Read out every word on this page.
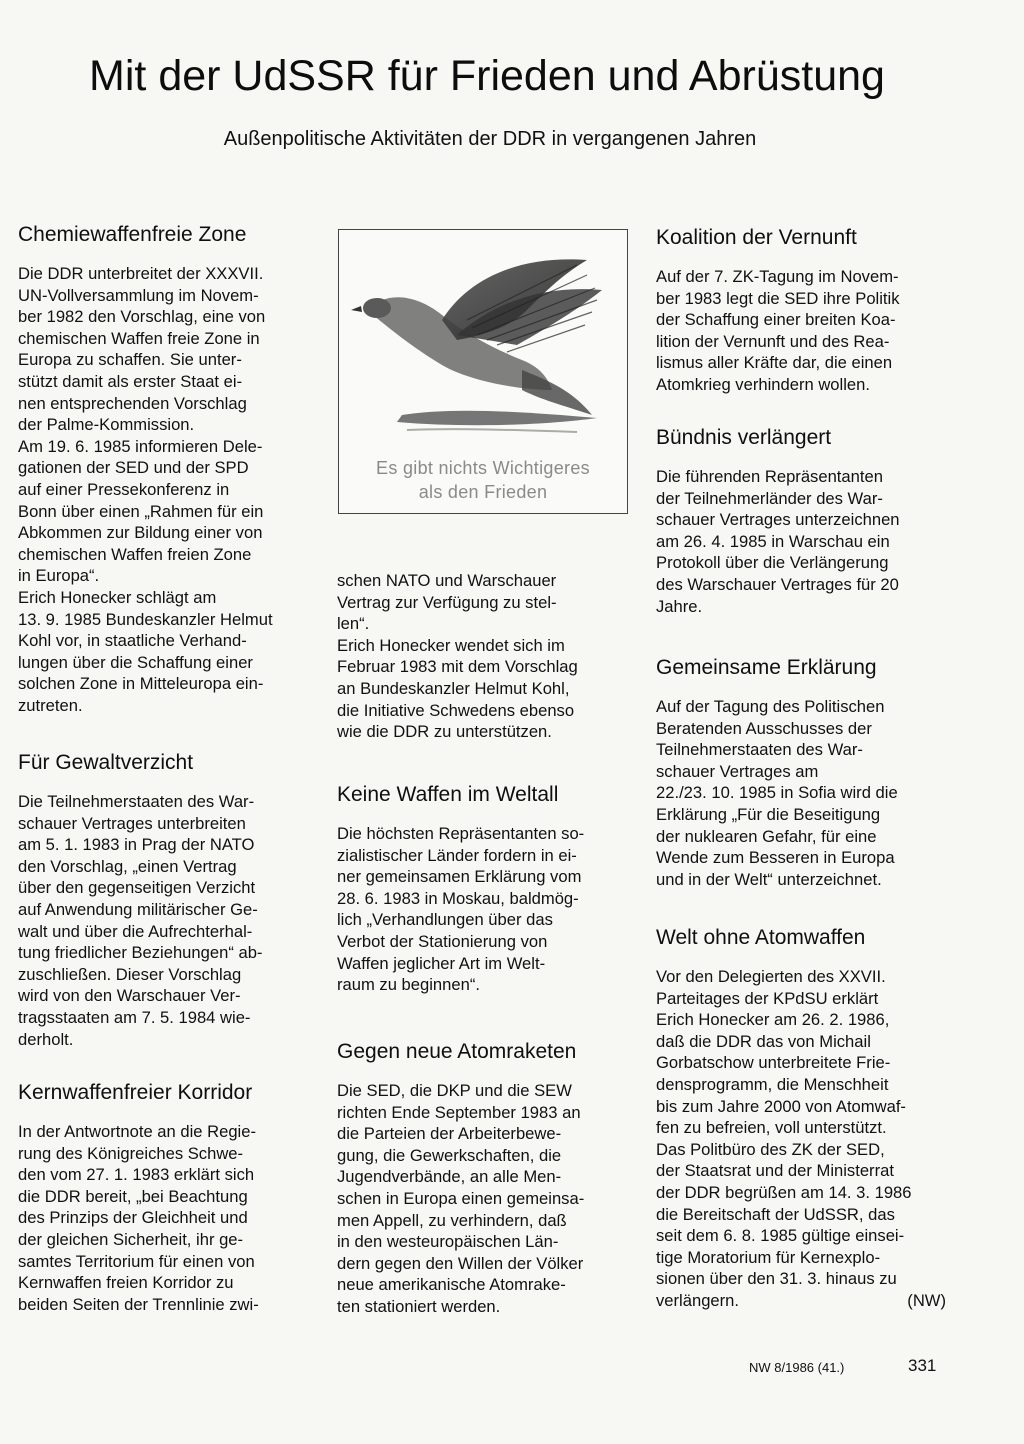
Mit der UdSSR für Frieden und Abrüstung
Außenpolitische Aktivitäten der DDR in vergangenen Jahren
Chemiewaffenfreie Zone
Die DDR unterbreitet der XXXVII.
UN-Vollversammlung im Novem-
ber 1982 den Vorschlag, eine von
chemischen Waffen freie Zone in
Europa zu schaffen. Sie unter-
stützt damit als erster Staat ei-
nen entsprechenden Vorschlag
der Palme-Kommission.
Am 19. 6. 1985 informieren Dele-
gationen der SED und der SPD
auf einer Pressekonferenz in
Bonn über einen „Rahmen für ein
Abkommen zur Bildung einer von
chemischen Waffen freien Zone
in Europa“.
Erich Honecker schlägt am
13. 9. 1985 Bundeskanzler Helmut
Kohl vor, in staatliche Verhand-
lungen über die Schaffung einer
solchen Zone in Mitteleuropa ein-
zutreten.
Für Gewaltverzicht
Die Teilnehmerstaaten des War-
schauer Vertrages unterbreiten
am 5. 1. 1983 in Prag der NATO
den Vorschlag, „einen Vertrag
über den gegenseitigen Verzicht
auf Anwendung militärischer Ge-
walt und über die Aufrechterhal-
tung friedlicher Beziehungen“ ab-
zuschließen. Dieser Vorschlag
wird von den Warschauer Ver-
tragsstaaten am 7. 5. 1984 wie-
derholt.
Kernwaffenfreier Korridor
In der Antwortnote an die Regie-
rung des Königreiches Schwe-
den vom 27. 1. 1983 erklärt sich
die DDR bereit, „bei Beachtung
des Prinzips der Gleichheit und
der gleichen Sicherheit, ihr ge-
samtes Territorium für einen von
Kernwaffen freien Korridor zu
beiden Seiten der Trennlinie zwi-
Es gibt nichts Wichtigeres
als den Frieden
schen NATO und Warschauer
Vertrag zur Verfügung zu stel-
len“.
Erich Honecker wendet sich im
Februar 1983 mit dem Vorschlag
an Bundeskanzler Helmut Kohl,
die Initiative Schwedens ebenso
wie die DDR zu unterstützen.
Keine Waffen im Weltall
Die höchsten Repräsentanten so-
zialistischer Länder fordern in ei-
ner gemeinsamen Erklärung vom
28. 6. 1983 in Moskau, baldmög-
lich „Verhandlungen über das
Verbot der Stationierung von
Waffen jeglicher Art im Welt-
raum zu beginnen“.
Gegen neue Atomraketen
Die SED, die DKP und die SEW
richten Ende September 1983 an
die Parteien der Arbeiterbewe-
gung, die Gewerkschaften, die
Jugendverbände, an alle Men-
schen in Europa einen gemeinsa-
men Appell, zu verhindern, daß
in den westeuropäischen Län-
dern gegen den Willen der Völker
neue amerikanische Atomrake-
ten stationiert werden.
Koalition der Vernunft
Auf der 7. ZK-Tagung im Novem-
ber 1983 legt die SED ihre Politik
der Schaffung einer breiten Koa-
lition der Vernunft und des Rea-
lismus aller Kräfte dar, die einen
Atomkrieg verhindern wollen.
Bündnis verlängert
Die führenden Repräsentanten
der Teilnehmerländer des War-
schauer Vertrages unterzeichnen
am 26. 4. 1985 in Warschau ein
Protokoll über die Verlängerung
des Warschauer Vertrages für 20
Jahre.
Gemeinsame Erklärung
Auf der Tagung des Politischen
Beratenden Ausschusses der
Teilnehmerstaaten des War-
schauer Vertrages am
22./23. 10. 1985 in Sofia wird die
Erklärung „Für die Beseitigung
der nuklearen Gefahr, für eine
Wende zum Besseren in Europa
und in der Welt“ unterzeichnet.
Welt ohne Atomwaffen
Vor den Delegierten des XXVII.
Parteitages der KPdSU erklärt
Erich Honecker am 26. 2. 1986,
daß die DDR das von Michail
Gorbatschow unterbreitete Frie-
densprogramm, die Menschheit
bis zum Jahre 2000 von Atomwaf-
fen zu befreien, voll unterstützt.
Das Politbüro des ZK der SED,
der Staatsrat und der Ministerrat
der DDR begrüßen am 14. 3. 1986
die Bereitschaft der UdSSR, das
seit dem 6. 8. 1985 gültige einsei-
tige Moratorium für Kernexplo-
sionen über den 31. 3. hinaus zu
verlängern.	(NW)
NW 8/1986 (41.)	331
